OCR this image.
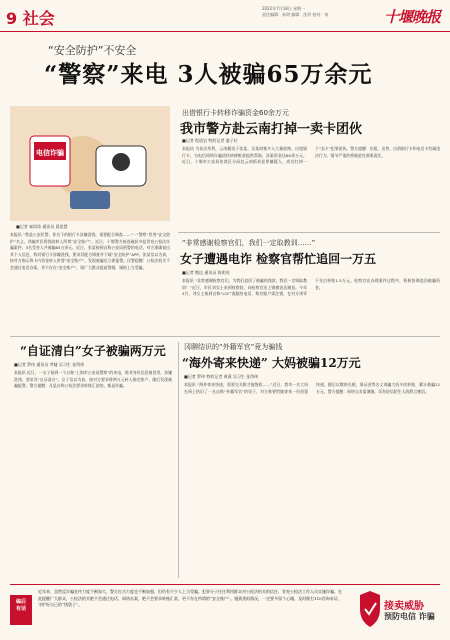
9 社会
2022年7月18日 星期一
责任编辑：朱明 编辑：沈玲 校对：何	十堰晚报
“安全防护”不安全
“警察”来电 3人被骗65万余元
电信诈骗
■记者 秦训涛 通讯员 晨思慧
本报讯 “我是公安民警，你名下的银行卡涉嫌洗钱，需要配合调查……”一“警察”冒用“安全防护”名义，诱骗市民将钱款转入所谓“安全账户”。近日，十堰警方接连破获多起冒充公检法诈骗案件，3名受害人共被骗65万余元。近日，张某接到自称公安局刑警的电话，对方准确说出其个人信息，称其银行卡涉嫌洗钱，要求其配合调查并下载“安全防护”APP。张某信以为真，按对方指示将卡内资金转入所谓“安全账户”，发现被骗后立即报警。民警提醒：公检法机关不会通过电话办案，更不存在“安全账户”，请广大群众提高警惕，谨防上当受骗。
出借银行卡转移诈骗资金60余万元
我市警方赴云南打掉一卖卡团伙
■记者 程道岩 特约记者 盛子轩
本报讯 为非法牟利，云南籍男子张某、吴某纠集多人大量收购、出租银行卡，为电信网络诈骗团伙转移赃款提供帮助，涉案资金达60余万元。近日，十堰市公安局张湾区分局赴云南抓获犯罪嫌疑人，成功打掉一个“卖卡”犯罪团伙。警方提醒：出租、出售、出借银行卡和电话卡均属违法行为，情节严重的将被追究刑事责任。
“非常感谢检察官们，我们一定取教训……”
女子遭遇电诈 检察官帮忙追回一万五
■记者 熊达 通讯员 陈明亮
本报讯 “非常感谢检察官们，为我们追回了被骗的钱款，我们一定吸取教训！”近日，市民刘女士来到检察院，向检察官送上锦旗表达谢意。今年5月，刘女士接到自称“LCF”客服的电话，称其账户需注销，在对方诱导下先后转账1.5万元。检察官在办理案件过程中，积极协调追回被骗资金。
“自证清白”女子被骗两万元
■记者 罗伟 通讯员 莘婕 吴习生 张得伟
本报讯 近日，一女子接到一个自称“上海市公安局警察”的来电，称其身份信息被冒用，涉嫌洗钱，要求其“自证清白”。女子信以为真，按对方要求将两万元转入指定账户，随后发现被骗报警。警方提醒：凡是自称公检法要求转账汇款的，都是诈骗。
冈聊结识的“外籍军官”竟为骗钱
“海外寄来快递” 大妈被骗12万元
■记者 罗伟 特约记者 黄燕 吴习生 张得伟
本报讯 “海外寄来快递，需要交关税才能签收……”近日，我市一名大妈在网上结识了一名自称“外籍军官”的男子，对方称要给她寄来一份贵重快递，随后以缴纳关税、保证金等名义诱骗大妈多次转账，累计被骗12万元。警方提醒：网络交友需谨慎，切勿轻信陌生人的甜言蜜语。
编后
有话
近年来，虽然反诈骗宣传力度不断加大，警方打击力度也不断加强，但仍有不少人上当受骗。犯罪分子往往利用群众对公检法机关的信任，冒充公检法工作人员实施诈骗。在此提醒广大群众，公检法机关绝不会通过电话、网络办案，绝不会要求转账汇款，更不存在所谓的“安全账户”。遇到类似情况，一定要多留个心眼，及时拨打110咨询求证，守护好自己的“钱袋子”。	接卖威胁
预防电信 诈骗
